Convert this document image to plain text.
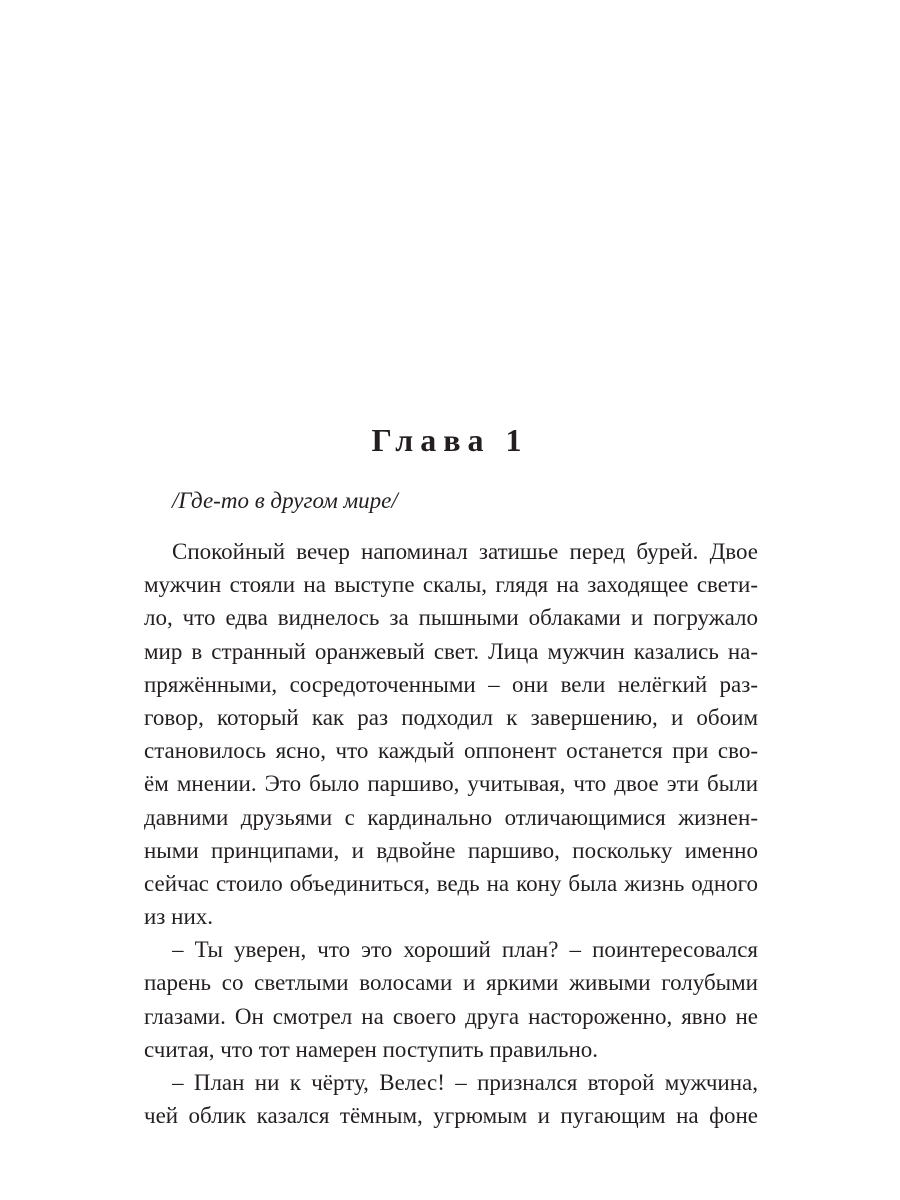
Глава 1
/Где-то в другом мире/
Спокойный вечер напоминал затишье перед бурей. Двое
мужчин стояли на выступе скалы, глядя на заходящее свети-
ло, что едва виднелось за пышными облаками и погружало
мир в странный оранжевый свет. Лица мужчин казались на-
пряжёнными, сосредоточенными – они вели нелёгкий раз-
говор, который как раз подходил к завершению, и обоим
становилось ясно, что каждый оппонент останется при сво-
ём мнении. Это было паршиво, учитывая, что двое эти были
давними друзьями с кардинально отличающимися жизнен-
ными принципами, и вдвойне паршиво, поскольку именно
сейчас стоило объединиться, ведь на кону была жизнь одного
из них.
– Ты уверен, что это хороший план? – поинтересовался
парень со светлыми волосами и яркими живыми голубыми
глазами. Он смотрел на своего друга настороженно, явно не
считая, что тот намерен поступить правильно.
– План ни к чёрту, Велес! – признался второй мужчина,
чей облик казался тёмным, угрюмым и пугающим на фоне
